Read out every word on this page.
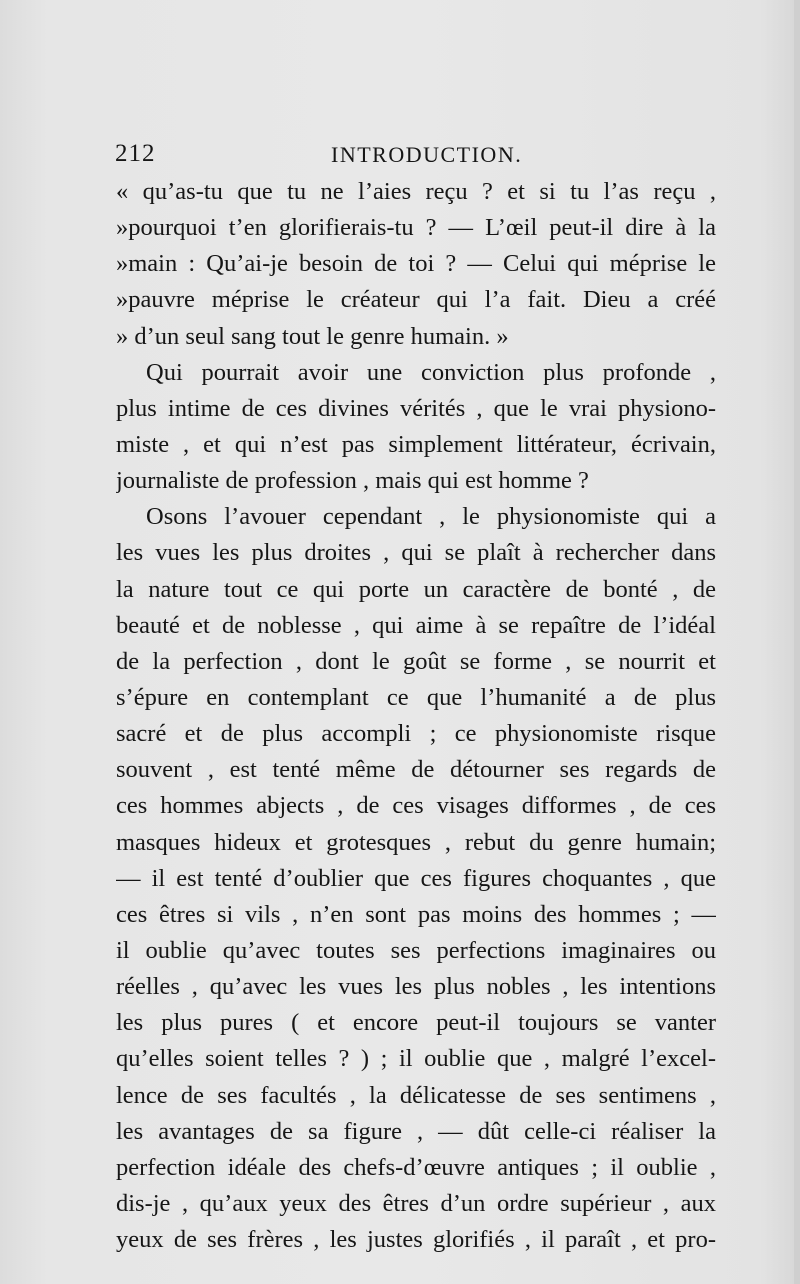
212	INTRODUCTION.
« qu’as-tu que tu ne l’aies reçu ? et si tu l’as reçu ,
»pourquoi t’en glorifierais-tu ? — L’œil peut-il dire à la
»main : Qu’ai-je besoin de toi ? — Celui qui méprise le
»pauvre méprise le créateur qui l’a fait. Dieu a créé
» d’un seul sang tout le genre humain. »
Qui pourrait avoir une conviction plus profonde ,
plus intime de ces divines vérités , que le vrai physiono-
miste , et qui n’est pas simplement littérateur, écrivain,
journaliste de profession , mais qui est homme ?
Osons l’avouer cependant , le physionomiste qui a
les vues les plus droites , qui se plaît à rechercher dans
la nature tout ce qui porte un caractère de bonté , de
beauté et de noblesse , qui aime à se repaître de l’idéal
de la perfection , dont le goût se forme , se nourrit et
s’épure en contemplant ce que l’humanité a de plus
sacré et de plus accompli ; ce physionomiste risque
souvent , est tenté même de détourner ses regards de
ces hommes abjects , de ces visages difformes , de ces
masques hideux et grotesques , rebut du genre humain;
— il est tenté d’oublier que ces figures choquantes , que
ces êtres si vils , n’en sont pas moins des hommes ; —
il oublie qu’avec toutes ses perfections imaginaires ou
réelles , qu’avec les vues les plus nobles , les intentions
les plus pures ( et encore peut-il toujours se vanter
qu’elles soient telles ? ) ; il oublie que , malgré l’excel-
lence de ses facultés , la délicatesse de ses sentimens ,
les avantages de sa figure , — dût celle-ci réaliser la
perfection idéale des chefs-d’œuvre antiques ; il oublie ,
dis-je , qu’aux yeux des êtres d’un ordre supérieur , aux
yeux de ses frères , les justes glorifiés , il paraît , et pro-
